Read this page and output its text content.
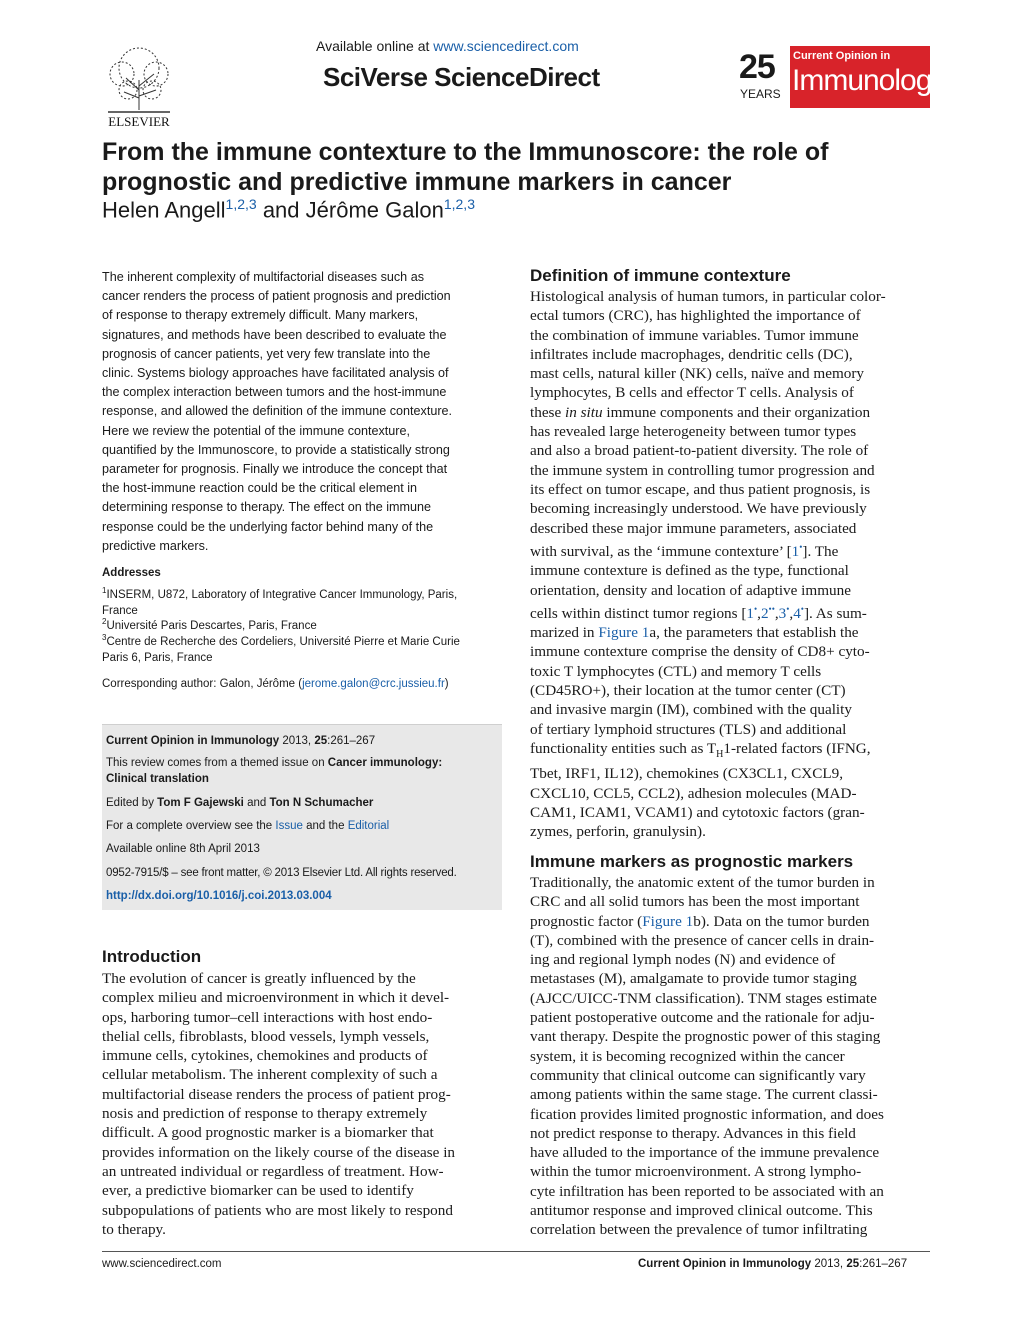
ELSEVIER
Available online at www.sciencedirect.com
SciVerse ScienceDirect	25
YEARS
Current Opinion in
Immunology
From the immune contexture to the Immunoscore: the role of prognostic and predictive immune markers in cancer
Helen Angell$^{1,2,3}$ and Jérôme Galon$^{1,2,3}$
The inherent complexity of multifactorial diseases such as
cancer renders the process of patient prognosis and prediction
of response to therapy extremely difficult. Many markers,
signatures, and methods have been described to evaluate the
prognosis of cancer patients, yet very few translate into the
clinic. Systems biology approaches have facilitated analysis of
the complex interaction between tumors and the host-immune
response, and allowed the definition of the immune contexture.
Here we review the potential of the immune contexture,
quantified by the Immunoscore, to provide a statistically strong
parameter for prognosis. Finally we introduce the concept that
the host-immune reaction could be the critical element in
determining response to therapy. The effect on the immune
response could be the underlying factor behind many of the
predictive markers.
Addresses
$^1$INSERM, U872, Laboratory of Integrative Cancer Immunology, Paris,
France
$^2$Université Paris Descartes, Paris, France
$^3$Centre de Recherche des Cordeliers, Université Pierre et Marie Curie
Paris 6, Paris, France
Corresponding author: Galon, Jérôme (jerome.galon@crc.jussieu.fr)
Current Opinion in Immunology 2013, 25:261–267
This review comes from a themed issue on Cancer immunology:
Clinical translation
Edited by Tom F Gajewski and Ton N Schumacher
For a complete overview see the Issue and the Editorial
Available online 8th April 2013
0952-7915/$ – see front matter, © 2013 Elsevier Ltd. All rights reserved.
http://dx.doi.org/10.1016/j.coi.2013.03.004
Introduction
The evolution of cancer is greatly influenced by the
complex milieu and microenvironment in which it devel-
ops, harboring tumor–cell interactions with host endo-
thelial cells, fibroblasts, blood vessels, lymph vessels,
immune cells, cytokines, chemokines and products of
cellular metabolism. The inherent complexity of such a
multifactorial disease renders the process of patient prog-
nosis and prediction of response to therapy extremely
difficult. A good prognostic marker is a biomarker that
provides information on the likely course of the disease in
an untreated individual or regardless of treatment. How-
ever, a predictive biomarker can be used to identify
subpopulations of patients who are most likely to respond
to therapy.
Definition of immune contexture
Histological analysis of human tumors, in particular color-
ectal tumors (CRC), has highlighted the importance of
the combination of immune variables. Tumor immune
infiltrates include macrophages, dendritic cells (DC),
mast cells, natural killer (NK) cells, naïve and memory
lymphocytes, B cells and effector T cells. Analysis of
these in situ immune components and their organization
has revealed large heterogeneity between tumor types
and also a broad patient-to-patient diversity. The role of
the immune system in controlling tumor progression and
its effect on tumor escape, and thus patient prognosis, is
becoming increasingly understood. We have previously
described these major immune parameters, associated
with survival, as the ‘immune contexture’ [1•]. The
immune contexture is defined as the type, functional
orientation, density and location of adaptive immune
cells within distinct tumor regions [1•,2••,3•,4•]. As sum-
marized in Figure 1a, the parameters that establish the
immune contexture comprise the density of CD8+ cyto-
toxic T lymphocytes (CTL) and memory T cells
(CD45RO+), their location at the tumor center (CT)
and invasive margin (IM), combined with the quality
of tertiary lymphoid structures (TLS) and additional
functionality entities such as $T_H1$-related factors (IFNG,
Tbet, IRF1, IL12), chemokines (CX3CL1, CXCL9,
CXCL10, CCL5, CCL2), adhesion molecules (MAD-
CAM1, ICAM1, VCAM1) and cytotoxic factors (gran-
zymes, perforin, granulysin).
Immune markers as prognostic markers
Traditionally, the anatomic extent of the tumor burden in
CRC and all solid tumors has been the most important
prognostic factor (Figure 1b). Data on the tumor burden
(T), combined with the presence of cancer cells in drain-
ing and regional lymph nodes (N) and evidence of
metastases (M), amalgamate to provide tumor staging
(AJCC/UICC-TNM classification). TNM stages estimate
patient postoperative outcome and the rationale for adju-
vant therapy. Despite the prognostic power of this staging
system, it is becoming recognized within the cancer
community that clinical outcome can significantly vary
among patients within the same stage. The current classi-
fication provides limited prognostic information, and does
not predict response to therapy. Advances in this field
have alluded to the importance of the immune prevalence
within the tumor microenvironment. A strong lympho-
cyte infiltration has been reported to be associated with an
antitumor response and improved clinical outcome. This
correlation between the prevalence of tumor infiltrating
www.sciencedirect.com	Current Opinion in Immunology 2013, 25:261–267
